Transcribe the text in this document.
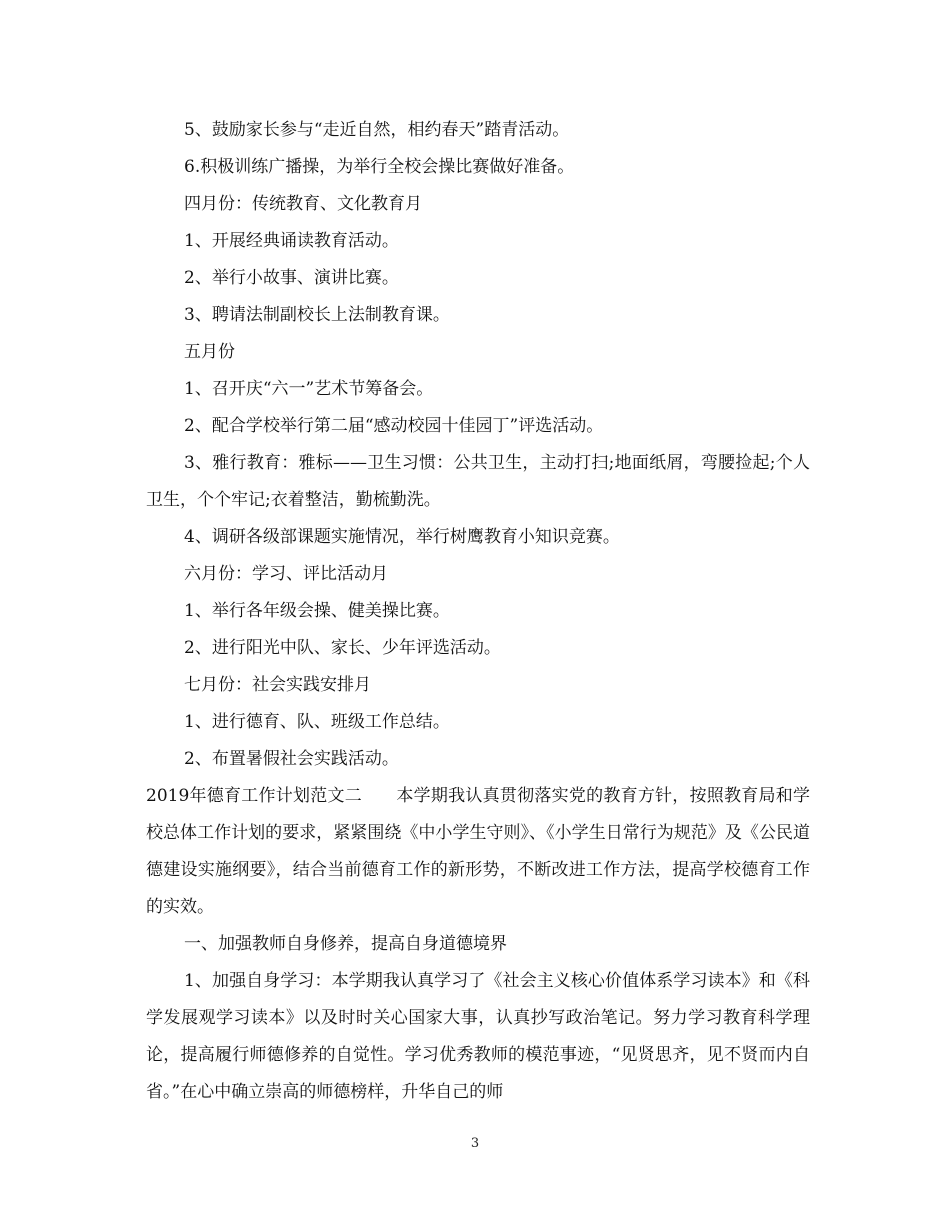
5、鼓励家长参与“走近自然，相约春天”踏青活动。

6.积极训练广播操，为举行全校会操比赛做好准备。

四月份：传统教育、文化教育月

1、开展经典诵读教育活动。

2、举行小故事、演讲比赛。

3、聘请法制副校长上法制教育课。

五月份

1、召开庆“六一”艺术节筹备会。

2、配合学校举行第二届“感动校园十佳园丁”评选活动。

3、雅行教育：雅标——卫生习惯：公共卫生，主动打扫;地面纸屑，弯腰捡起;个人卫生，个个牢记;衣着整洁，勤梳勤洗。

4、调研各级部课题实施情况，举行树鹰教育小知识竞赛。

六月份：学习、评比活动月

1、举行各年级会操、健美操比赛。

2、进行阳光中队、家长、少年评选活动。

七月份：社会实践安排月

1、进行德育、队、班级工作总结。

2、布置暑假社会实践活动。

2019年德育工作计划范文二　　本学期我认真贯彻落实党的教育方针，按照教育局和学校总体工作计划的要求，紧紧围绕《中小学生守则》、《小学生日常行为规范》及《公民道德建设实施纲要》，结合当前德育工作的新形势，不断改进工作方法，提高学校德育工作的实效。

一、加强教师自身修养，提高自身道德境界

1、加强自身学习：本学期我认真学习了《社会主义核心价值体系学习读本》和《科学发展观学习读本》以及时时关心国家大事，认真抄写政治笔记。努力学习教育科学理论，提高履行师德修养的自觉性。学习优秀教师的模范事迹，“见贤思齐，见不贤而内自省。”在心中确立崇高的师德榜样，升华自己的师

3
